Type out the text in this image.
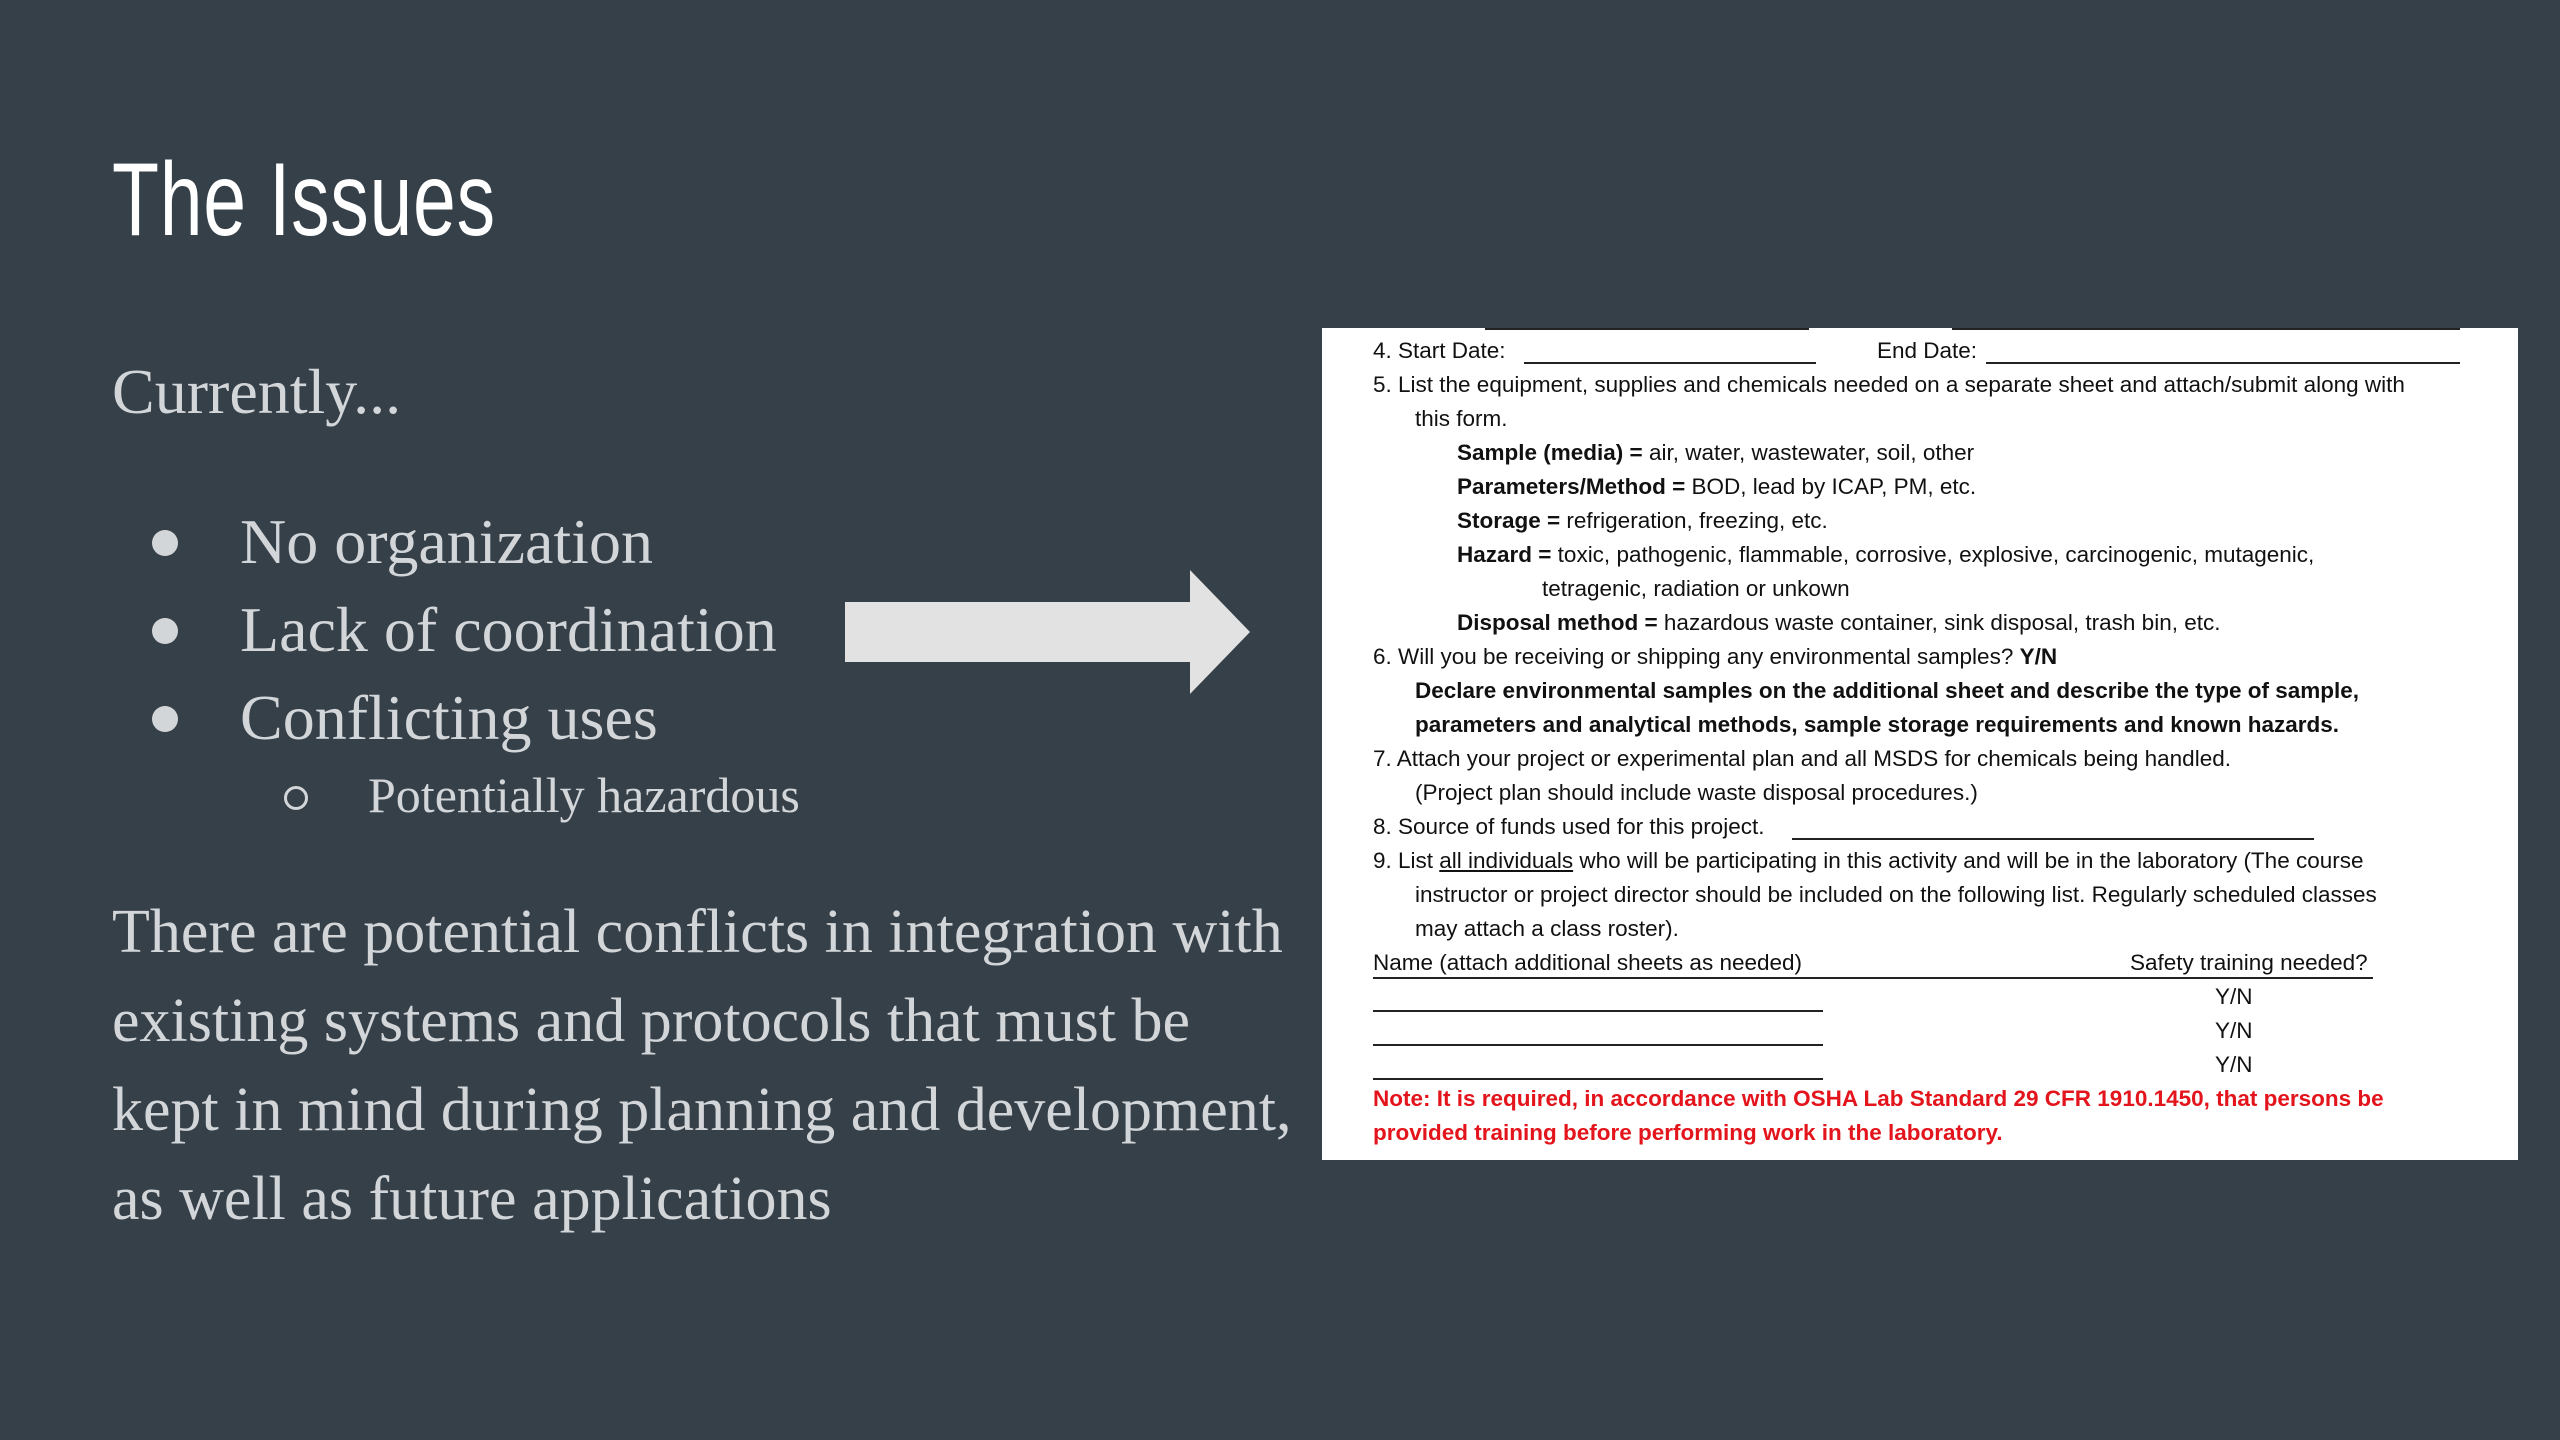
The Issues
Currently...
No organization
Lack of coordination
Conflicting uses
Potentially hazardous
There are potential conflicts in integration with existing systems and protocols that must be kept in mind during planning and development, as well as future applications
4. Start Date:	End Date:
5. List the equipment, supplies and chemicals needed on a separate sheet and attach/submit along with
this form.
Sample (media) = air, water, wastewater, soil, other
Parameters/Method = BOD, lead by ICAP, PM, etc.
Storage = refrigeration, freezing, etc.
Hazard = toxic, pathogenic, flammable, corrosive, explosive, carcinogenic, mutagenic,
tetragenic, radiation or unkown
Disposal method = hazardous waste container, sink disposal, trash bin, etc.
6. Will you be receiving or shipping any environmental samples? Y/N
Declare environmental samples on the additional sheet and describe the type of sample,
parameters and analytical methods, sample storage requirements and known hazards.
7. Attach your project or experimental plan and all MSDS for chemicals being handled.
(Project plan should include waste disposal procedures.)
8. Source of funds used for this project.
9. List all individuals who will be participating in this activity and will be in the laboratory (The course
instructor or project director should be included on the following list. Regularly scheduled classes
may attach a class roster).
Name (attach additional sheets as needed)	Safety training needed?
Y/N
Y/N
Y/N
Note: It is required, in accordance with OSHA Lab Standard 29 CFR 1910.1450, that persons be
provided training before performing work in the laboratory.
